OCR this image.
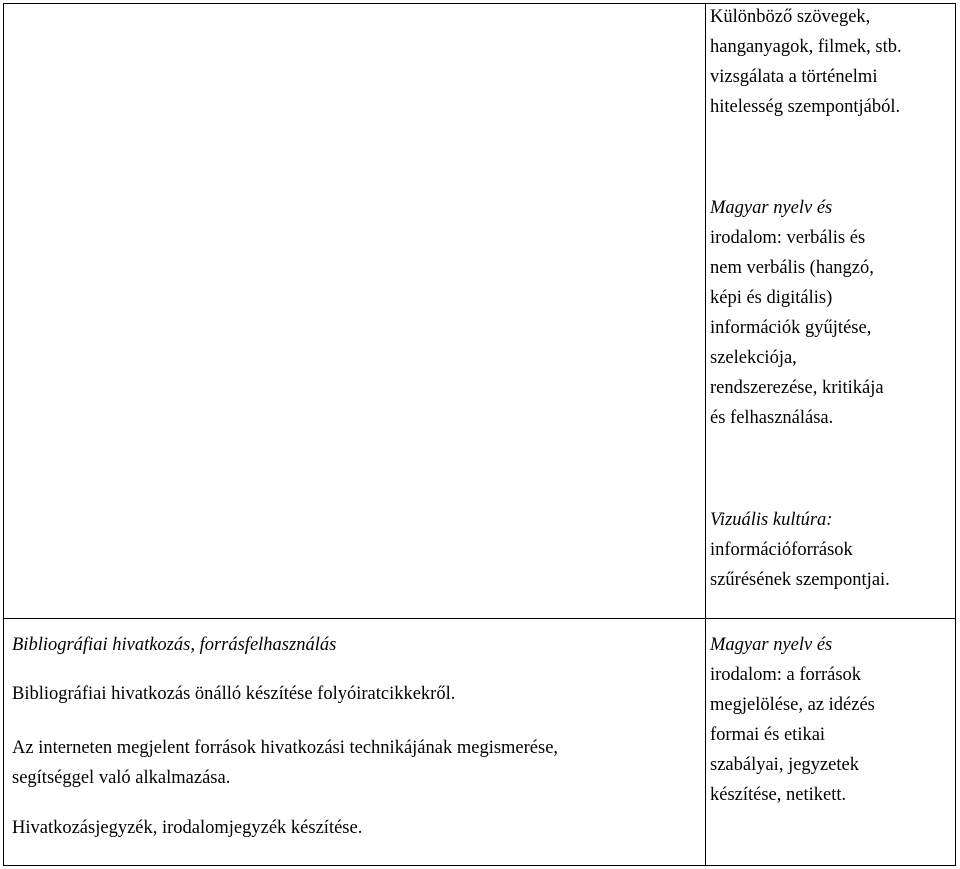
Különböző szövegek,
hanganyagok, filmek, stb.
vizsgálata a történelmi
hitelesség szempontjából.
Magyar nyelv és
irodalom: verbális és
nem verbális (hangzó,
képi és digitális)
információk gyűjtése,
szelekciója,
rendszerezése, kritikája
és felhasználása.
Vizuális kultúra:
információforrások
szűrésének szempontjai.
Bibliográfiai hivatkozás, forrásfelhasználás
Bibliográfiai hivatkozás önálló készítése folyóiratcikkekről.
Az interneten megjelent források hivatkozási technikájának megismerése,
segítséggel való alkalmazása.
Hivatkozásjegyzék, irodalomjegyzék készítése.
Magyar nyelv és
irodalom: a források
megjelölése, az idézés
formai és etikai
szabályai, jegyzetek
készítése, netikett.
